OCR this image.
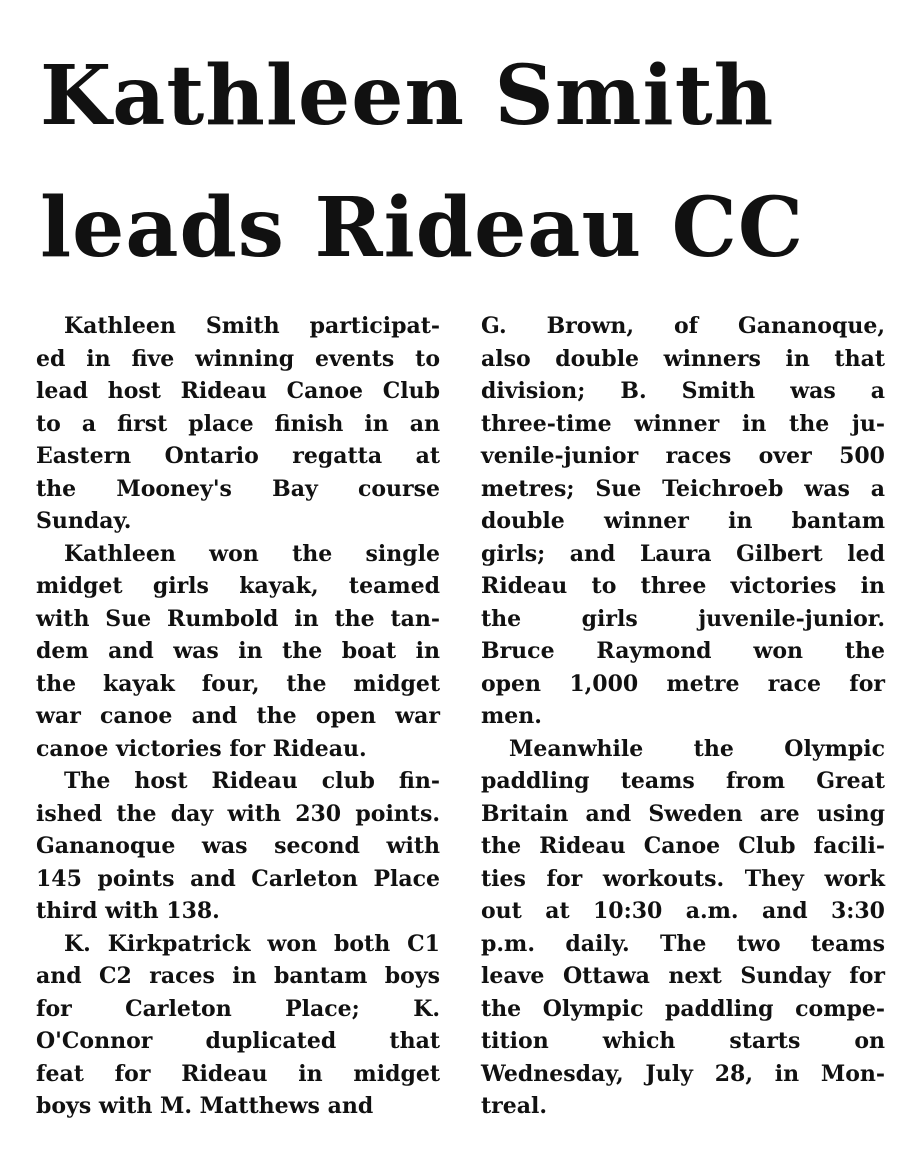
Kathleen Smith
leads Rideau CC

Kathleen Smith participat-
ed in five winning events to
lead host Rideau Canoe Club
to a first place finish in an
Eastern Ontario regatta at
the Mooney's Bay course
Sunday.

Kathleen won the single
midget girls kayak, teamed
with Sue Rumbold in the tan-
dem and was in the boat in
the kayak four, the midget
war canoe and the open war
canoe victories for Rideau.

The host Rideau club fin-
ished the day with 230 points.
Gananoque was second with
145 points and Carleton Place
third with 138.

K. Kirkpatrick won both C1
and C2 races in bantam boys
for Carleton Place; K.
O'Connor duplicated that
feat for Rideau in midget
boys with M. Matthews and

G. Brown, of Gananoque,
also double winners in that
division; B. Smith was a
three-time winner in the ju-
venile-junior races over 500
metres; Sue Teichroeb was a
double winner in bantam
girls; and Laura Gilbert led
Rideau to three victories in
the girls juvenile-junior.
Bruce Raymond won the
open 1,000 metre race for
men.

Meanwhile the Olympic
paddling teams from Great
Britain and Sweden are using
the Rideau Canoe Club facili-
ties for workouts. They work
out at 10:30 a.m. and 3:30
p.m. daily. The two teams
leave Ottawa next Sunday for
the Olympic paddling compe-
tition which starts on
Wednesday, July 28, in Mon-
treal.
